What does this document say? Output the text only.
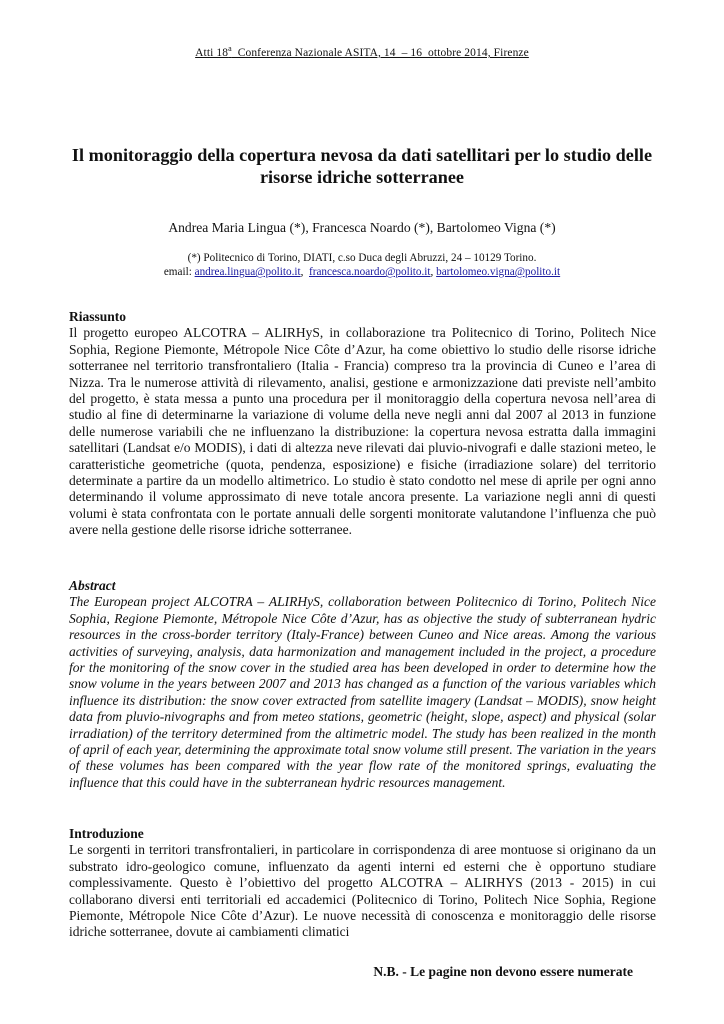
Atti 18$^a$  Conferenza Nazionale ASITA, 14  – 16  ottobre 2014, Firenze
Il monitoraggio della copertura nevosa da dati satellitari per lo studio delle risorse idriche sotterranee
Andrea Maria Lingua (*), Francesca Noardo (*), Bartolomeo Vigna (*)
(*) Politecnico di Torino, DIATI, c.so Duca degli Abruzzi, 24 – 10129 Torino.
email: andrea.lingua@polito.it,  francesca.noardo@polito.it, bartolomeo.vigna@polito.it
Riassunto

Il progetto europeo ALCOTRA – ALIRHyS, in collaborazione tra Politecnico di Torino, Politech Nice Sophia, Regione Piemonte, Métropole Nice Côte d’Azur, ha come obiettivo lo studio delle risorse idriche sotterranee nel territorio transfrontaliero (Italia - Francia) compreso tra la provincia di Cuneo e l’area di Nizza. Tra le numerose attività di rilevamento, analisi, gestione e armonizzazione dati previste nell’ambito del progetto, è stata messa a punto una procedura per il monitoraggio della copertura nevosa nell’area di studio al fine di determinarne la variazione di volume della neve negli anni dal 2007 al 2013 in funzione delle numerose variabili che ne influenzano la distribuzione: la copertura nevosa estratta dalla immagini satellitari (Landsat e/o MODIS), i dati di altezza neve rilevati dai pluvio-nivografi e dalle stazioni meteo, le caratteristiche geometriche (quota, pendenza, esposizione) e fisiche (irradiazione solare) del territorio determinate a partire da un modello altimetrico. Lo studio è stato condotto nel mese di aprile per ogni anno determinando il volume approssimato di neve totale ancora presente. La variazione negli anni di questi volumi è stata confrontata con le portate annuali delle sorgenti monitorate valutandone l’influenza che può avere nella gestione delle risorse idriche sotterranee.

Abstract

The European project ALCOTRA – ALIRHyS, collaboration between Politecnico di Torino, Politech Nice Sophia, Regione Piemonte, Métropole Nice Côte d’Azur, has as objective the study of subterranean hydric resources in the cross-border territory (Italy-France) between Cuneo and Nice areas. Among the various activities of surveying, analysis, data harmonization and management included in the project, a procedure for the monitoring of the snow cover in the studied area has been developed in order to determine how the snow volume in the years between 2007 and 2013 has changed as a function of the various variables which influence its distribution: the snow cover extracted from satellite imagery (Landsat – MODIS), snow height data from pluvio-nivographs and from meteo stations, geometric (height, slope, aspect) and physical (solar irradiation) of the territory determined from the altimetric model. The study has been realized in the month of april of each year, determining the approximate total snow volume still present. The variation in the years of these volumes has been compared with the year flow rate of the monitored springs, evaluating the influence that this could have in the subterranean hydric resources management.

Introduzione

Le sorgenti in territori transfrontalieri, in particolare in corrispondenza di aree montuose si originano da un substrato idro-geologico comune, influenzato da agenti interni ed esterni che è opportuno studiare complessivamente. Questo è l’obiettivo del progetto ALCOTRA – ALIRHYS (2013 - 2015) in cui collaborano diversi enti territoriali ed accademici (Politecnico di Torino, Politech Nice Sophia, Regione Piemonte, Métropole Nice Côte d’Azur). Le nuove necessità di conoscenza e monitoraggio delle risorse idriche sotterranee, dovute ai cambiamenti climatici

N.B. - Le pagine non devono essere numerate
